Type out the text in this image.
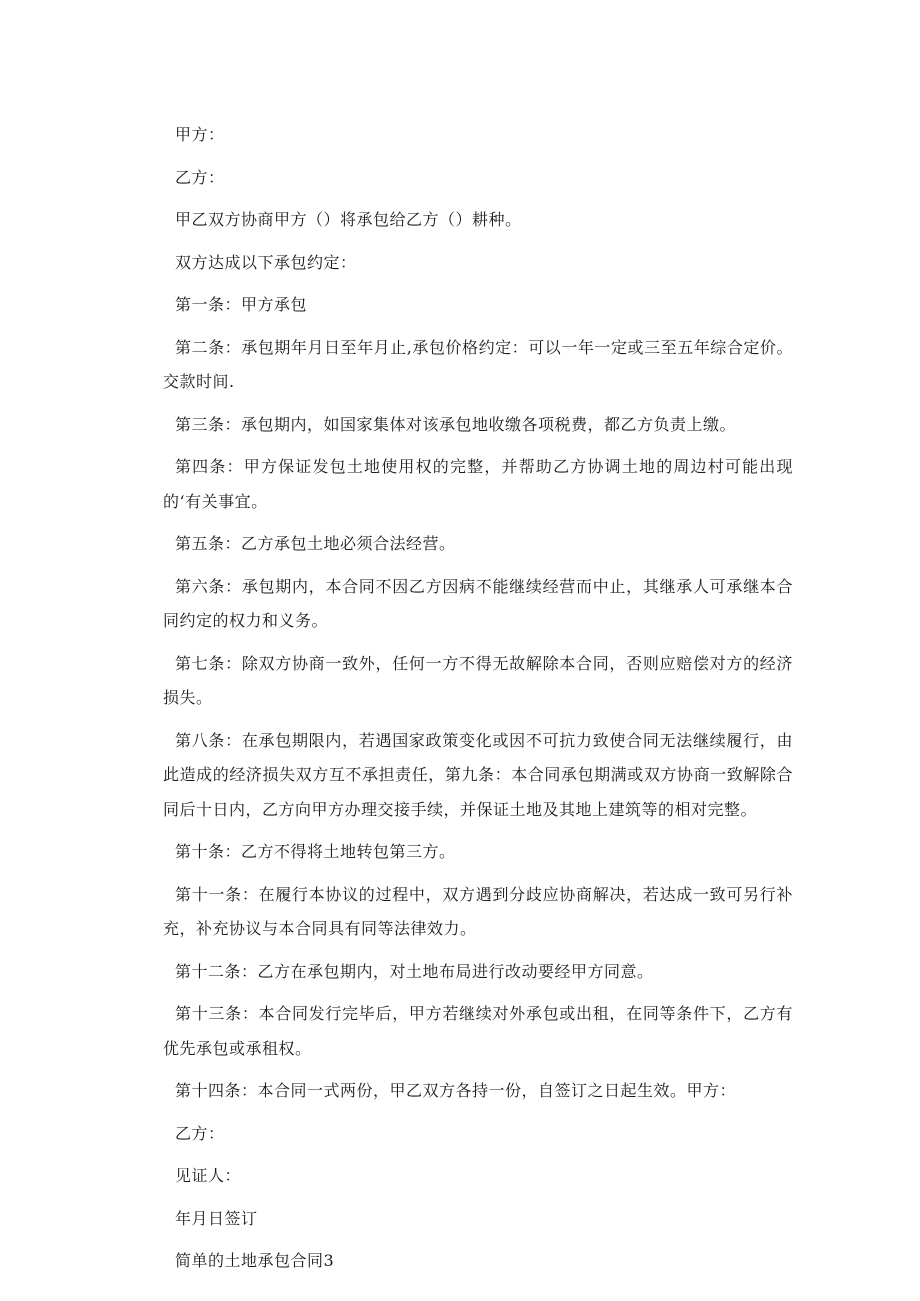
甲方：

乙方：

甲乙双方协商甲方（）将承包给乙方（）耕种。

双方达成以下承包约定：

第一条：甲方承包

第二条：承包期年月日至年月止,承包价格约定：可以一年一定或三至五年综合定价。交款时间.

第三条：承包期内，如国家集体对该承包地收缴各项税费，都乙方负责上缴。

第四条：甲方保证发包土地使用权的完整，并帮助乙方协调土地的周边村可能出现的‘有关事宜。

第五条：乙方承包土地必须合法经营。

第六条：承包期内，本合同不因乙方因病不能继续经营而中止，其继承人可承继本合同约定的权力和义务。

第七条：除双方协商一致外，任何一方不得无故解除本合同，否则应赔偿对方的经济损失。

第八条：在承包期限内，若遇国家政策变化或因不可抗力致使合同无法继续履行，由此造成的经济损失双方互不承担责任，第九条：本合同承包期满或双方协商一致解除合同后十日内，乙方向甲方办理交接手续，并保证土地及其地上建筑等的相对完整。

第十条：乙方不得将土地转包第三方。

第十一条：在履行本协议的过程中，双方遇到分歧应协商解决，若达成一致可另行补充，补充协议与本合同具有同等法律效力。

第十二条：乙方在承包期内，对土地布局进行改动要经甲方同意。

第十三条：本合同发行完毕后，甲方若继续对外承包或出租，在同等条件下，乙方有优先承包或承租权。

第十四条：本合同一式两份，甲乙双方各持一份，自签订之日起生效。甲方：

乙方：

见证人：

年月日签订

简单的土地承包合同3
